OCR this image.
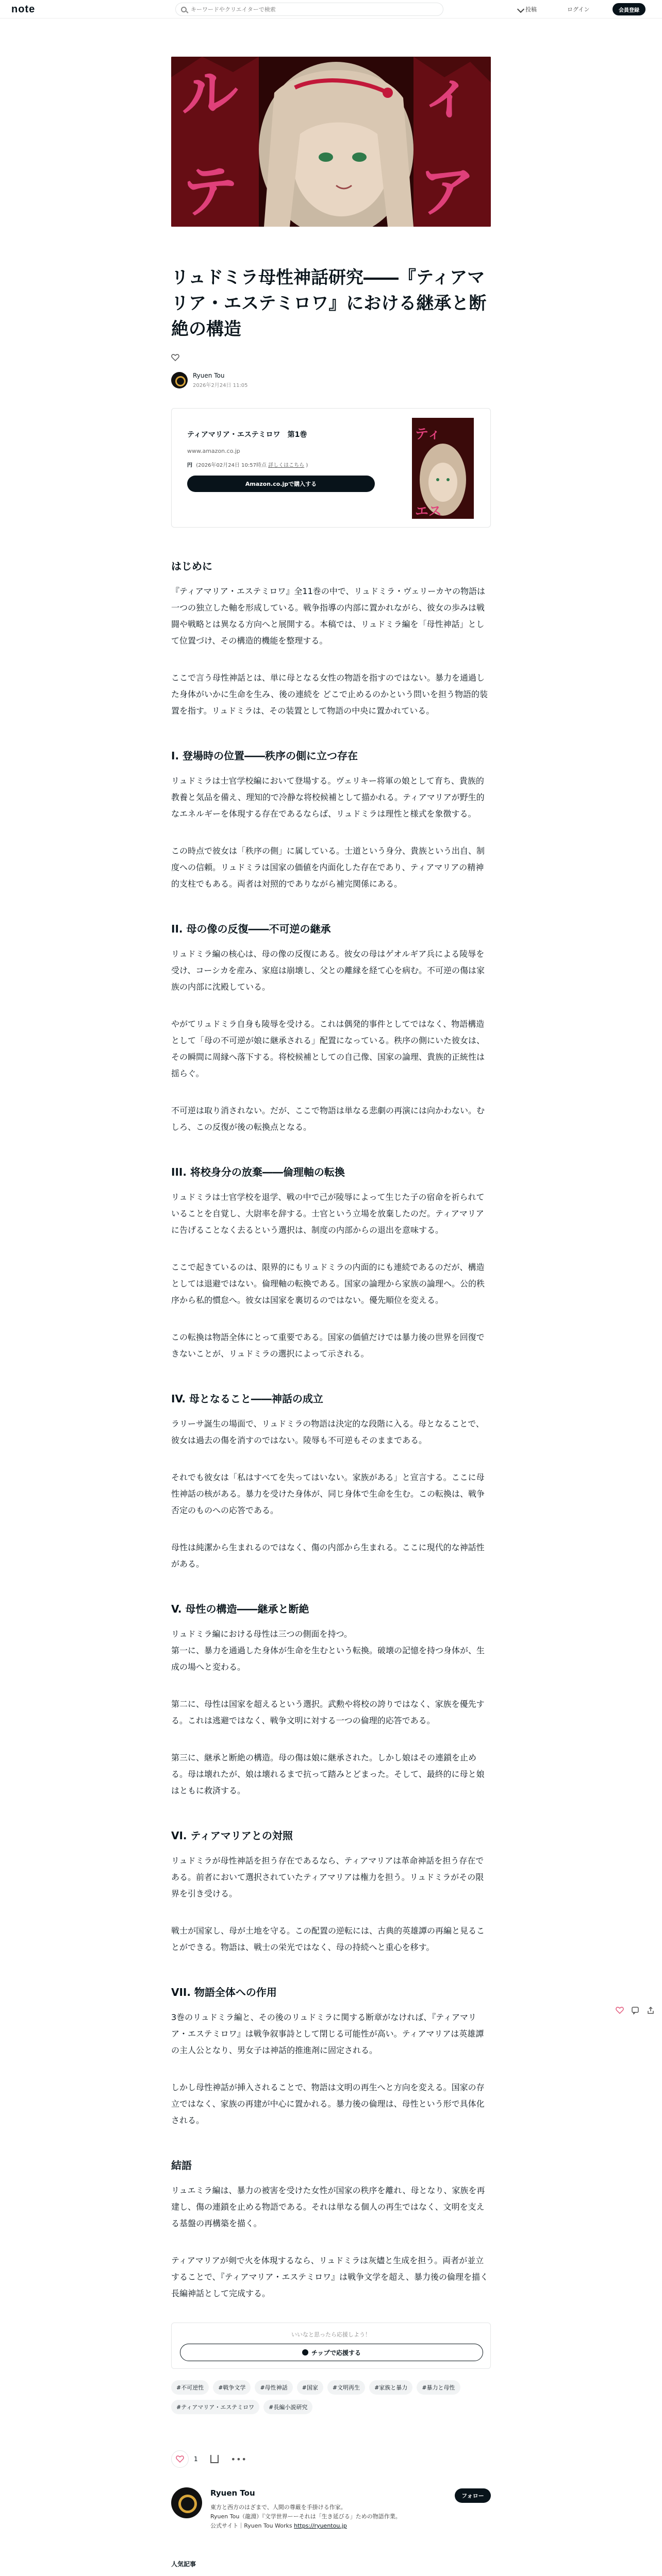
note
キーワードやクリエイターで検索	投稿	ログイン	会員登録
ル
テ
ィ
ア
リュドミラ母性神話研究――『ティアマリア・エステミロワ』における継承と断絶の構造
Ryuen Tou
2026年2月24日 11:05
ティアマリア・エステミロワ　第1巻
www.amazon.co.jp
円 (2026年02月24日 10:57時点 詳しくはこちら )
Amazon.co.jpで購入する
ティ
エス
はじめに

『ティアマリア・エステミロワ』全11巻の中で、リュドミラ・ヴェリーカヤの物語は一つの独立した軸を形成している。戦争指導の内部に置かれながら、彼女の歩みは戦闘や戦略とは異なる方向へと展開する。本稿では、リュドミラ編を「母性神話」として位置づけ、その構造的機能を整理する。

ここで言う母性神話とは、単に母となる女性の物語を指すのではない。暴力を通過した身体がいかに生命を生み、後の連続を どこで止めるのかという問いを担う物語的装置を指す。リュドミラは、その装置として物語の中央に置かれている。

I. 登場時の位置――秩序の側に立つ存在

リュドミラは士官学校編において登場する。ヴェリキー将軍の娘として育ち、貴族的教養と気品を備え、理知的で冷静な将校候補として描かれる。ティアマリアが野生的なエネルギーを体現する存在であるならば、リュドミラは理性と様式を象徴する。

この時点で彼女は「秩序の側」に属している。士道という身分、貴族という出自、制度への信頼。リュドミラは国家の価値を内面化した存在であり、ティアマリアの精神的支柱でもある。両者は対照的でありながら補完関係にある。

II. 母の像の反復――不可逆の継承

リュドミラ編の核心は、母の像の反復にある。彼女の母はゲオルギア兵による陵辱を受け、コーシカを産み、家庭は崩壊し、父との離縁を経て心を病む。不可逆の傷は家族の内部に沈殿している。

やがてリュドミラ自身も陵辱を受ける。これは偶発的事件としてではなく、物語構造として「母の不可逆が娘に継承される」配置になっている。秩序の側にいた彼女は、その瞬間に周縁へ落下する。将校候補としての自己像、国家の論理、貴族的正統性は揺らぐ。

不可逆は取り消されない。だが、ここで物語は単なる悲劇の再演には向かわない。むしろ、この反復が後の転換点となる。

III. 将校身分の放棄――倫理軸の転換

リュドミラは士官学校を退学、戦の中で己が陵辱によって生じた子の宿命を祈られていることを自覚し、大尉率を辞する。士官という立場を放棄したのだ。ティアマリアに告げることなく去るという選択は、制度の内部からの退出を意味する。

ここで起きているのは、限界的にもリュドミラの内面的にも連続であるのだが、構造としては退避ではない。倫理軸の転換である。国家の論理から家族の論理へ。公的秩序から私的慣怠へ。彼女は国家を裏切るのではない。優先順位を変える。

この転換は物語全体にとって重要である。国家の価値だけでは暴力後の世界を回復できないことが、リュドミラの選択によって示される。

IV. 母となること――神話の成立

ラリーサ誕生の場面で、リュドミラの物語は決定的な段階に入る。母となることで、彼女は過去の傷を消すのではない。陵辱も不可逆もそのままである。

それでも彼女は「私はすべてを失ってはいない。家族がある」と宣言する。ここに母性神話の核がある。暴力を受けた身体が、同じ身体で生命を生む。この転換は、戦争否定のものへの応答である。

母性は純潔から生まれるのではなく、傷の内部から生まれる。ここに現代的な神話性がある。

V. 母性の構造――継承と断絶

リュドミラ編における母性は三つの側面を持つ。
第一に、暴力を通過した身体が生命を生むという転換。破壊の記憶を持つ身体が、生成の場へと変わる。

第二に、母性は国家を超えるという選択。武勲や将校の誇りではなく、家族を優先する。これは逃避ではなく、戦争文明に対する一つの倫理的応答である。

第三に、継承と断絶の構造。母の傷は娘に継承された。しかし娘はその連鎖を止める。母は壊れたが、娘は壊れるまで抗って踏みとどまった。そして、最終的に母と娘はともに救済する。

VI. ティアマリアとの対照

リュドミラが母性神話を担う存在であるなら、ティアマリアは革命神話を担う存在である。前者において選択されていたティアマリアは権力を担う。リュドミラがその限界を引き受ける。

戦士が国家し、母が土地を守る。この配置の逆転には、古典的英雄譚の再編と見ることができる。物語は、戦士の栄光ではなく、母の持続へと重心を移す。

VII. 物語全体への作用

3巻のリュドミラ編と、その後のリュドミラに関する断章がなければ、『ティアマリア・エステミロワ』は戦争叙事詩として閉じる可能性が高い。ティアマリアは英雄譚の主人公となり、男女子は神話的推進剤に固定される。

しかし母性神話が挿入されることで、物語は文明の再生へと方向を変える。国家の存立ではなく、家族の再建が中心に置かれる。暴力後の倫理は、母性という形で具体化される。

結語

リュエミラ編は、暴力の被害を受けた女性が国家の秩序を離れ、母となり、家族を再建し、傷の連鎖を止める物語である。それは単なる個人の再生ではなく、文明を支える基盤の再構築を描く。

ティアマリアが剣で火を体現するなら、リュドミラは灰燼と生成を担う。両者が並立することで、『ティアマリア・エステミロワ』は戦争文学を超え、暴力後の倫理を描く長編神話として完成する。

いいなと思ったら応援しよう！
チップで応援する
#不可逆性	#戦争文学	#母性神話	#国家	#文明再生	#家族と暴力	#暴力と母性
#ティアマリア・エステミロワ	#長編小説研究
1	•••
Ryuen Tou
東方と西方のはざまで、人間の尊厳を手掛ける作家。
Ryuen Tou（龍淵）『文学世界ーーそれは「生き延びる」ための物語作業。
公式サイト｜Ryuen Tou Works https://ryuentou.jp
フォロー
人気記事
